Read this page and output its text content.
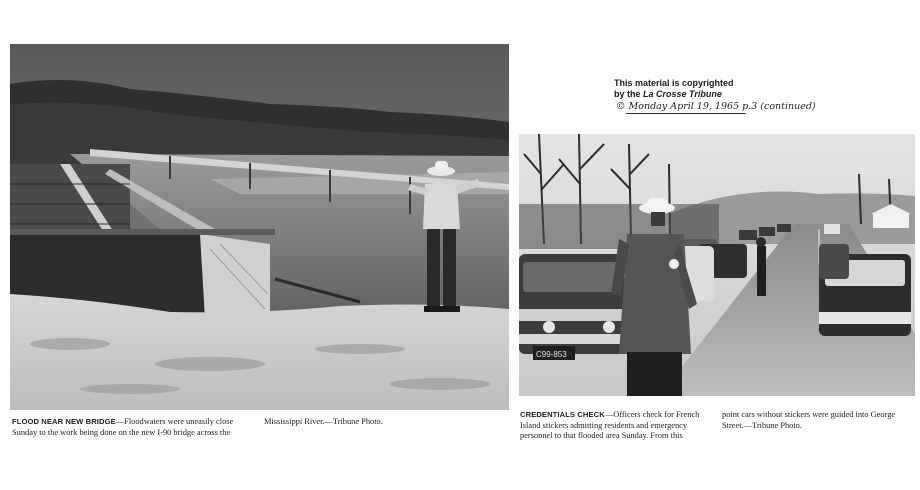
C99-853
This material is copyrighted
by the La Crosse Tribune
© Monday April 19, 1965 p.3 (continued)
FLOOD NEAR NEW BRIDGE—Floodwaters were uneasily close Sunday to the work being done on the new I-90 bridge across the
Mississippi River.—Tribune Photo.
CREDENTIALS CHECK—Officers check for French Island stickers admitting residents and emergency personnel to that flooded area Sunday. From this
point cars without stickers were guided into George Street.—Tribune Photo.
